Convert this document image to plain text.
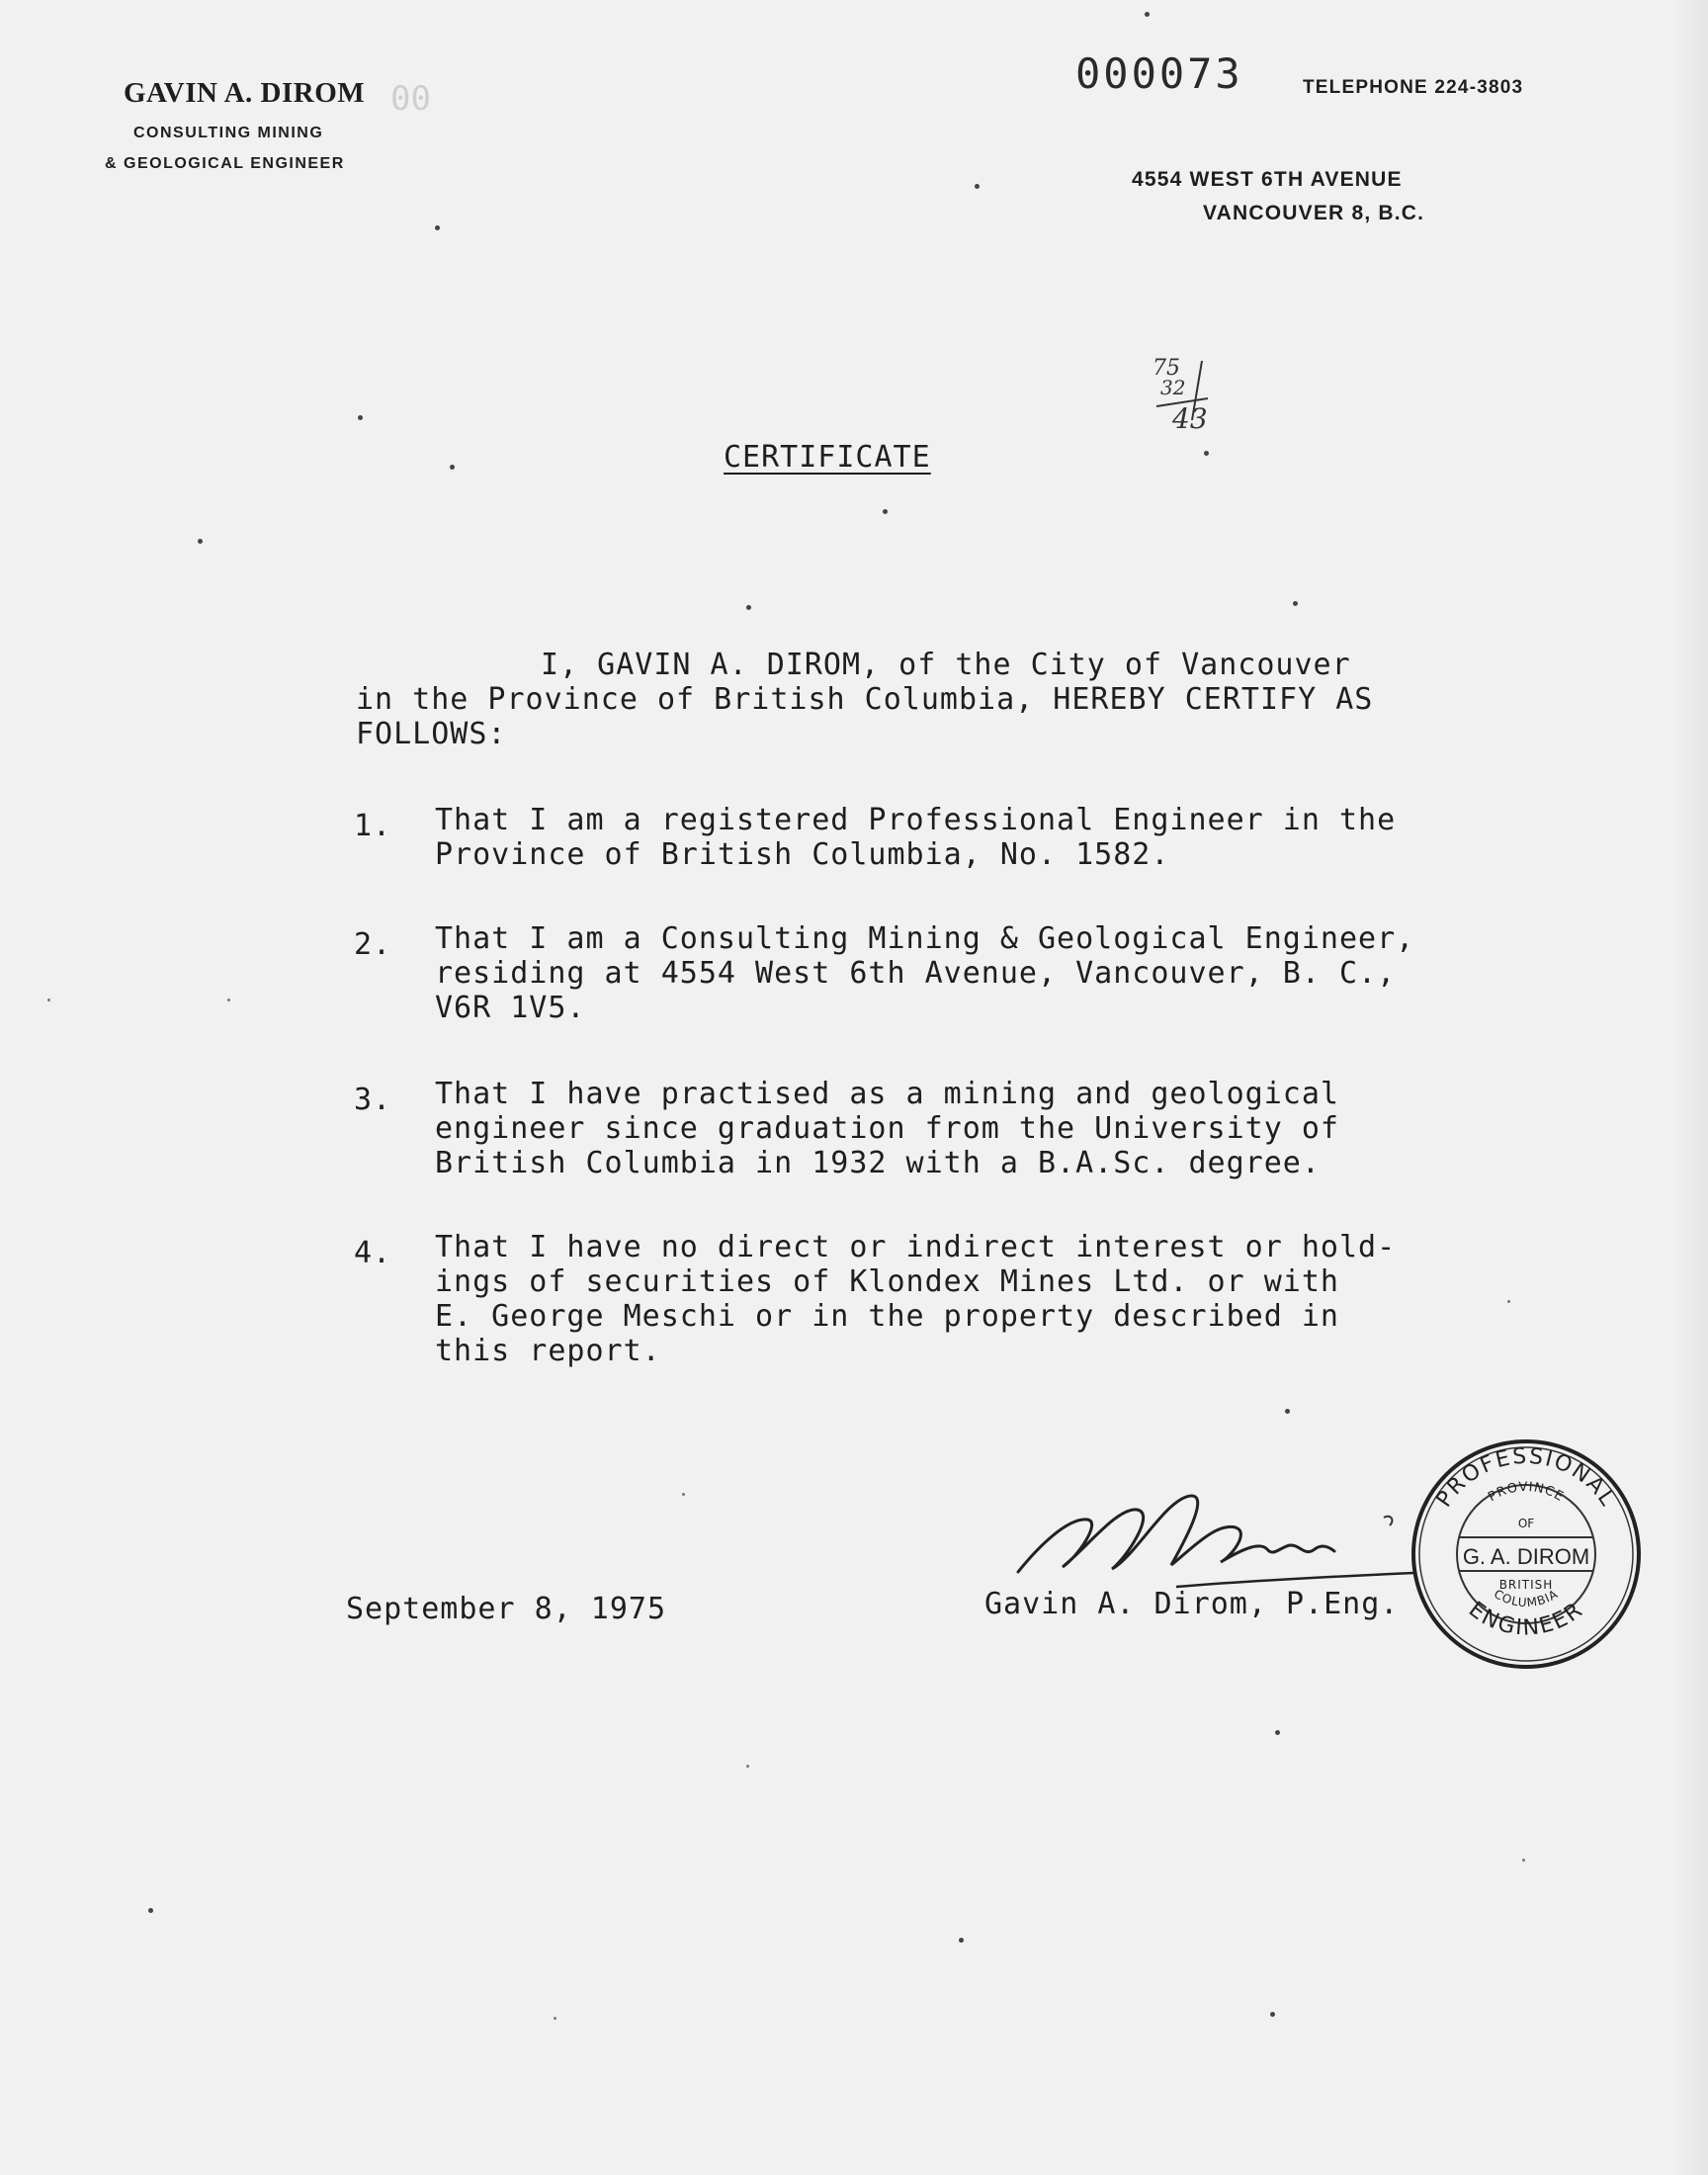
GAVIN A. DIROM 00
CONSULTING MINING
& GEOLOGICAL ENGINEER
000073	TELEPHONE 224-3803
4554 WEST 6TH AVENUE
VANCOUVER 8, B.C.
75
32
43
CERTIFICATE
I, GAVIN A. DIROM, of the City of Vancouver
in the Province of British Columbia, HEREBY CERTIFY AS
FOLLOWS:
1. That I am a registered Professional Engineer in the
Province of British Columbia, No. 1582.
2. That I am a Consulting Mining & Geological Engineer,
residing at 4554 West 6th Avenue, Vancouver, B. C.,
V6R 1V5.
3. That I have practised as a mining and geological
engineer since graduation from the University of
British Columbia in 1932 with a B.A.Sc. degree.
4. That I have no direct or indirect interest or hold-
ings of securities of Klondex Mines Ltd. or with
E. George Meschi or in the property described in
this report.
September 8, 1975	Gavin A. Dirom, P.Eng.
PROFESSIONAL
ENGINEER
PROVINCE
OF
G. A. DIROM
BRITISH
COLUMBIA
